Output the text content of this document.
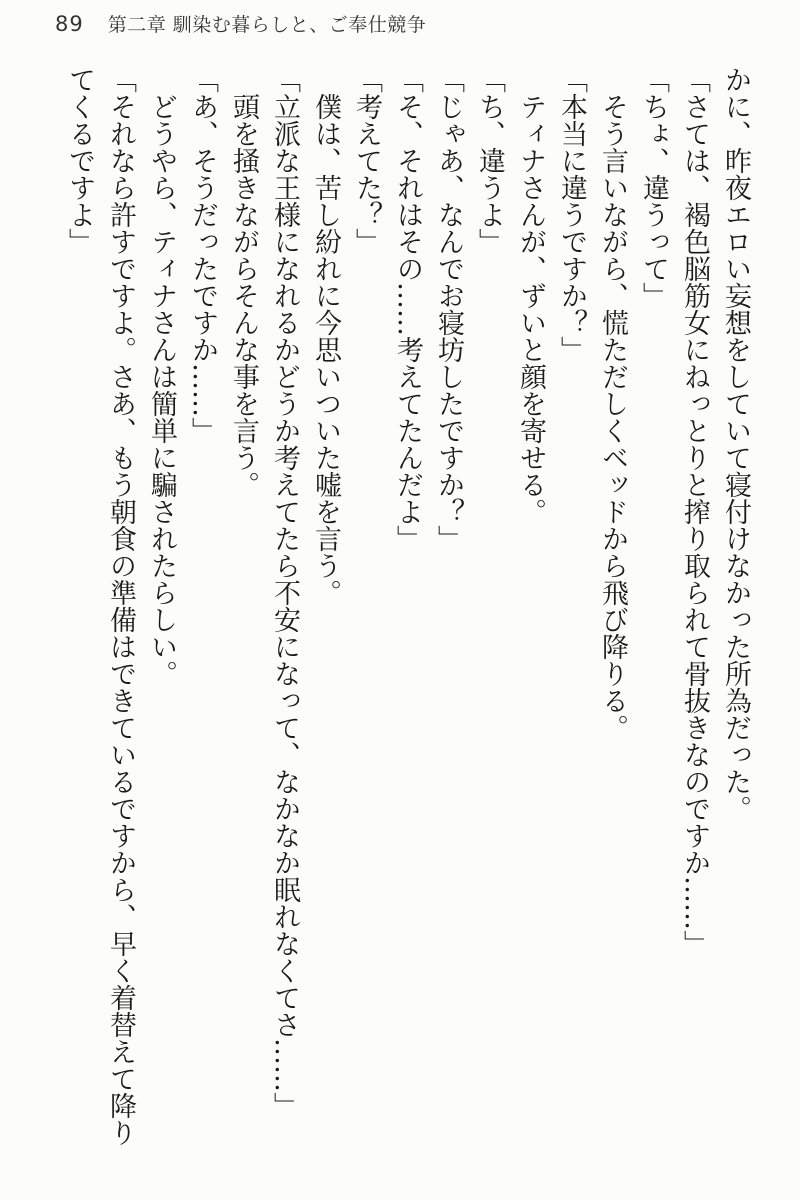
89 第二章 馴染む暮らしと、ご奉仕競争

かに、昨夜エロい妄想をしていて寝付けなかった所為だった。

「さては、褐色脳筋女にねっとりと搾り取られて骨抜きなのですか……」

「ちょ、違うって」

　そう言いながら、慌ただしくベッドから飛び降りる。

「本当に違うですか？」

　ティナさんが、ずいと顔を寄せる。

「ち、違うよ」

「じゃあ、なんでお寝坊したですか？」

「そ、それはその……考えてたんだよ」

「考えてた？」

　僕は、苦し紛れに今思いついた嘘を言う。

「立派な王様になれるかどうか考えてたら不安になって、なかなか眠れなくてさ……」

　頭を掻きながらそんな事を言う。

「あ、そうだったですか……」

　どうやら、ティナさんは簡単に騙されたらしい。

「それなら許すですよ。さあ、もう朝食の準備はできているですから、早く着替えて降りてくるですよ」
